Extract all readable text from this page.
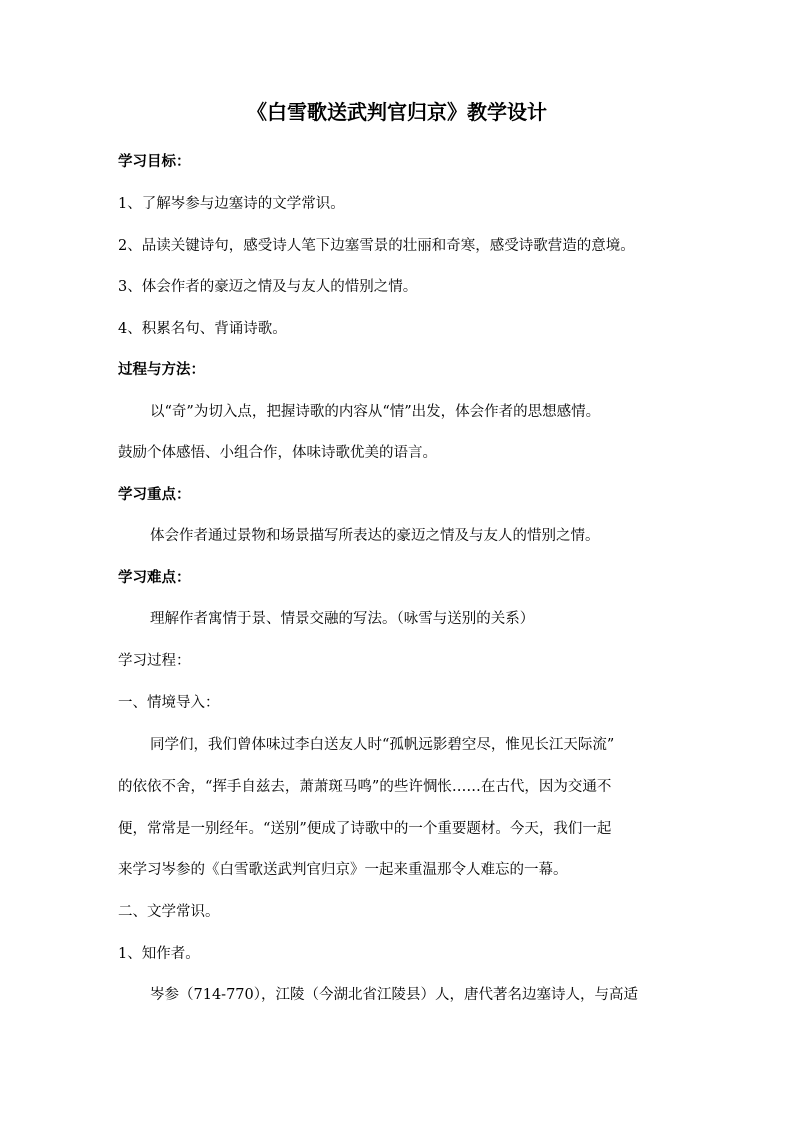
《白雪歌送武判官归京》教学设计
学习目标：
1、了解岑参与边塞诗的文学常识。
2、品读关键诗句，感受诗人笔下边塞雪景的壮丽和奇寒，感受诗歌营造的意境。
3、体会作者的豪迈之情及与友人的惜别之情。
4、积累名句、背诵诗歌。
过程与方法：
以“奇”为切入点，把握诗歌的内容从“情”出发，体会作者的思想感情。
鼓励个体感悟、小组合作，体味诗歌优美的语言。
学习重点：
体会作者通过景物和场景描写所表达的豪迈之情及与友人的惜别之情。
学习难点：
理解作者寓情于景、情景交融的写法。（咏雪与送别的关系）
学习过程：
一、情境导入：
同学们，我们曾体味过李白送友人时“孤帆远影碧空尽，惟见长江天际流”
的依依不舍，“挥手自兹去，萧萧斑马鸣”的些许惆怅……在古代，因为交通不
便，常常是一别经年。“送别”便成了诗歌中的一个重要题材。今天，我们一起
来学习岑参的《白雪歌送武判官归京》一起来重温那令人难忘的一幕。
二、文学常识。
1、知作者。
岑参（714-770），江陵（今湖北省江陵县）人，唐代著名边塞诗人，与高适
